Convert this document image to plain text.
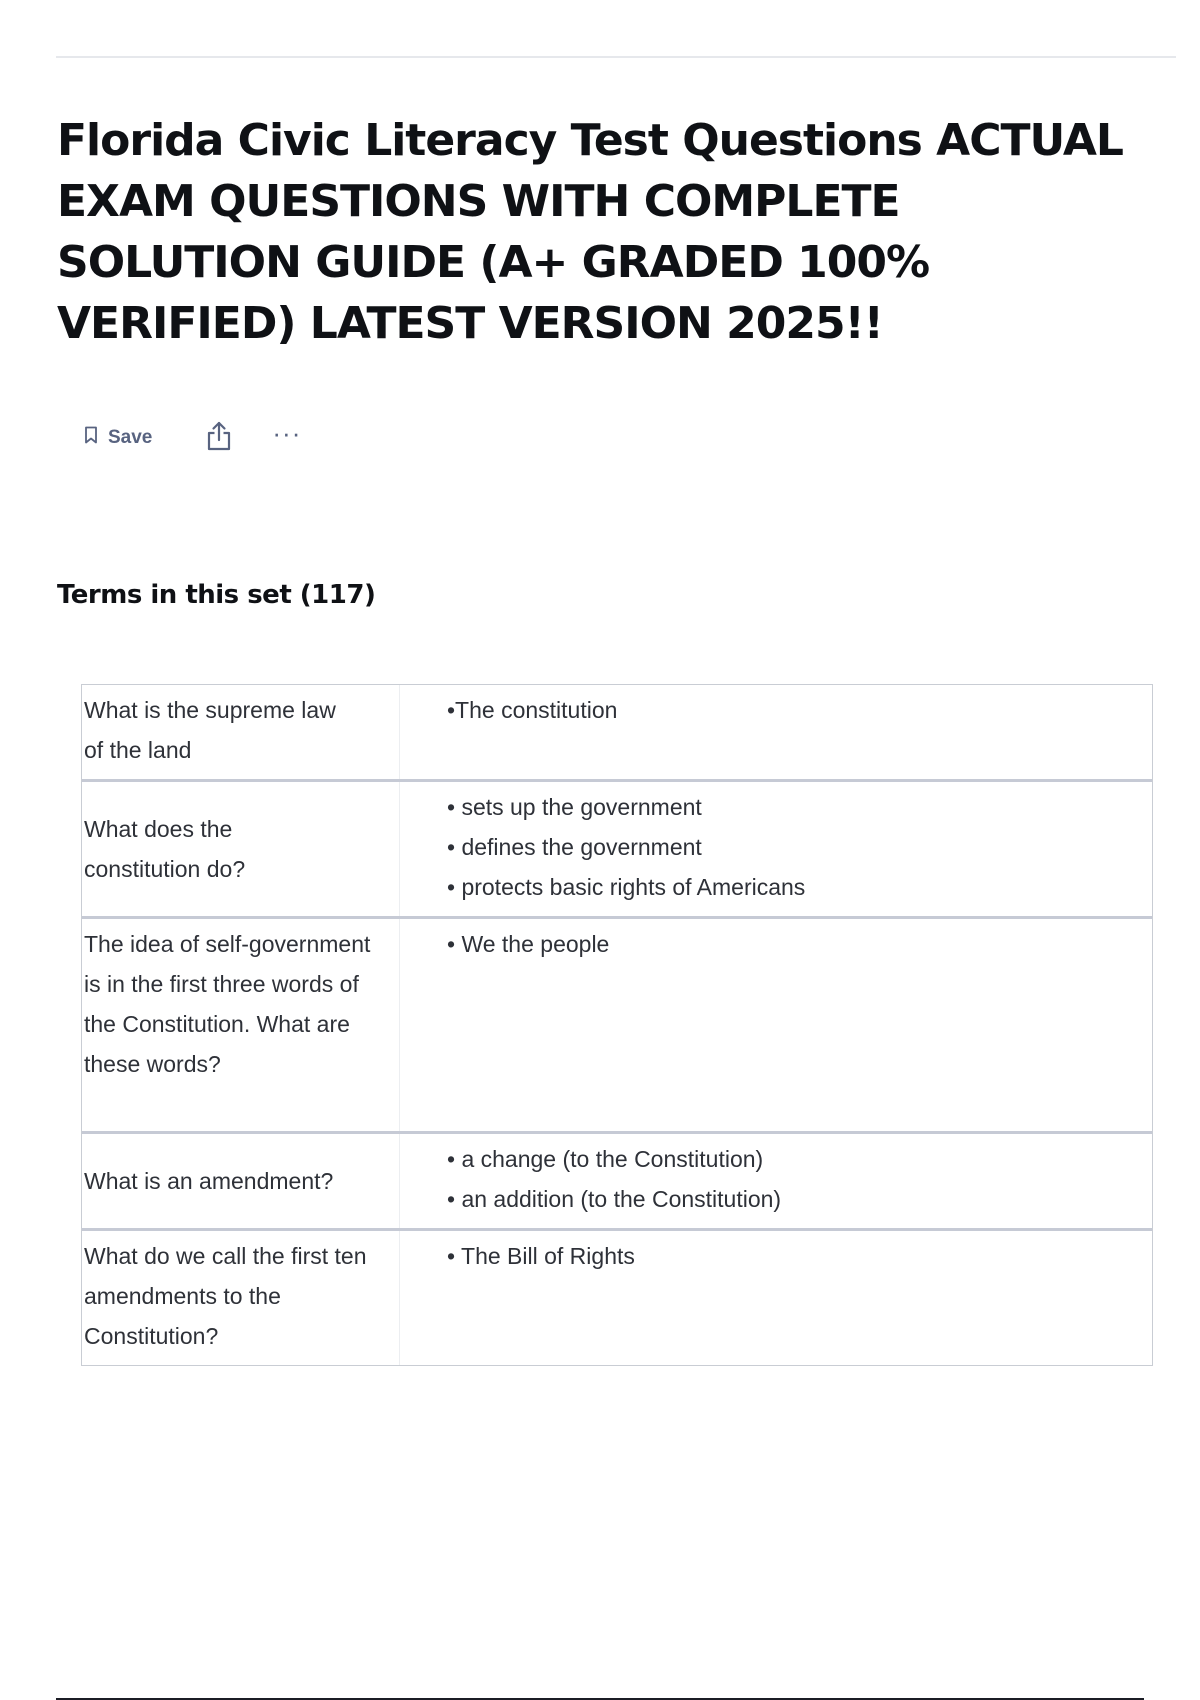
Florida Civic Literacy Test Questions ACTUAL EXAM QUESTIONS WITH COMPLETE SOLUTION GUIDE (A+ GRADED 100% VERIFIED) LATEST VERSION 2025!!
Save	···
Terms in this set (117)
What is the supreme law of the land
•The constitution
What does the constitution do?
• sets up the government
• defines the government
• protects basic rights of Americans
The idea of self-government is in the first three words of the Constitution. What are these words?
• We the people
What is an amendment?
• a change (to the Constitution)
• an addition (to the Constitution)
What do we call the first ten amendments to the Constitution?
• The Bill of Rights
